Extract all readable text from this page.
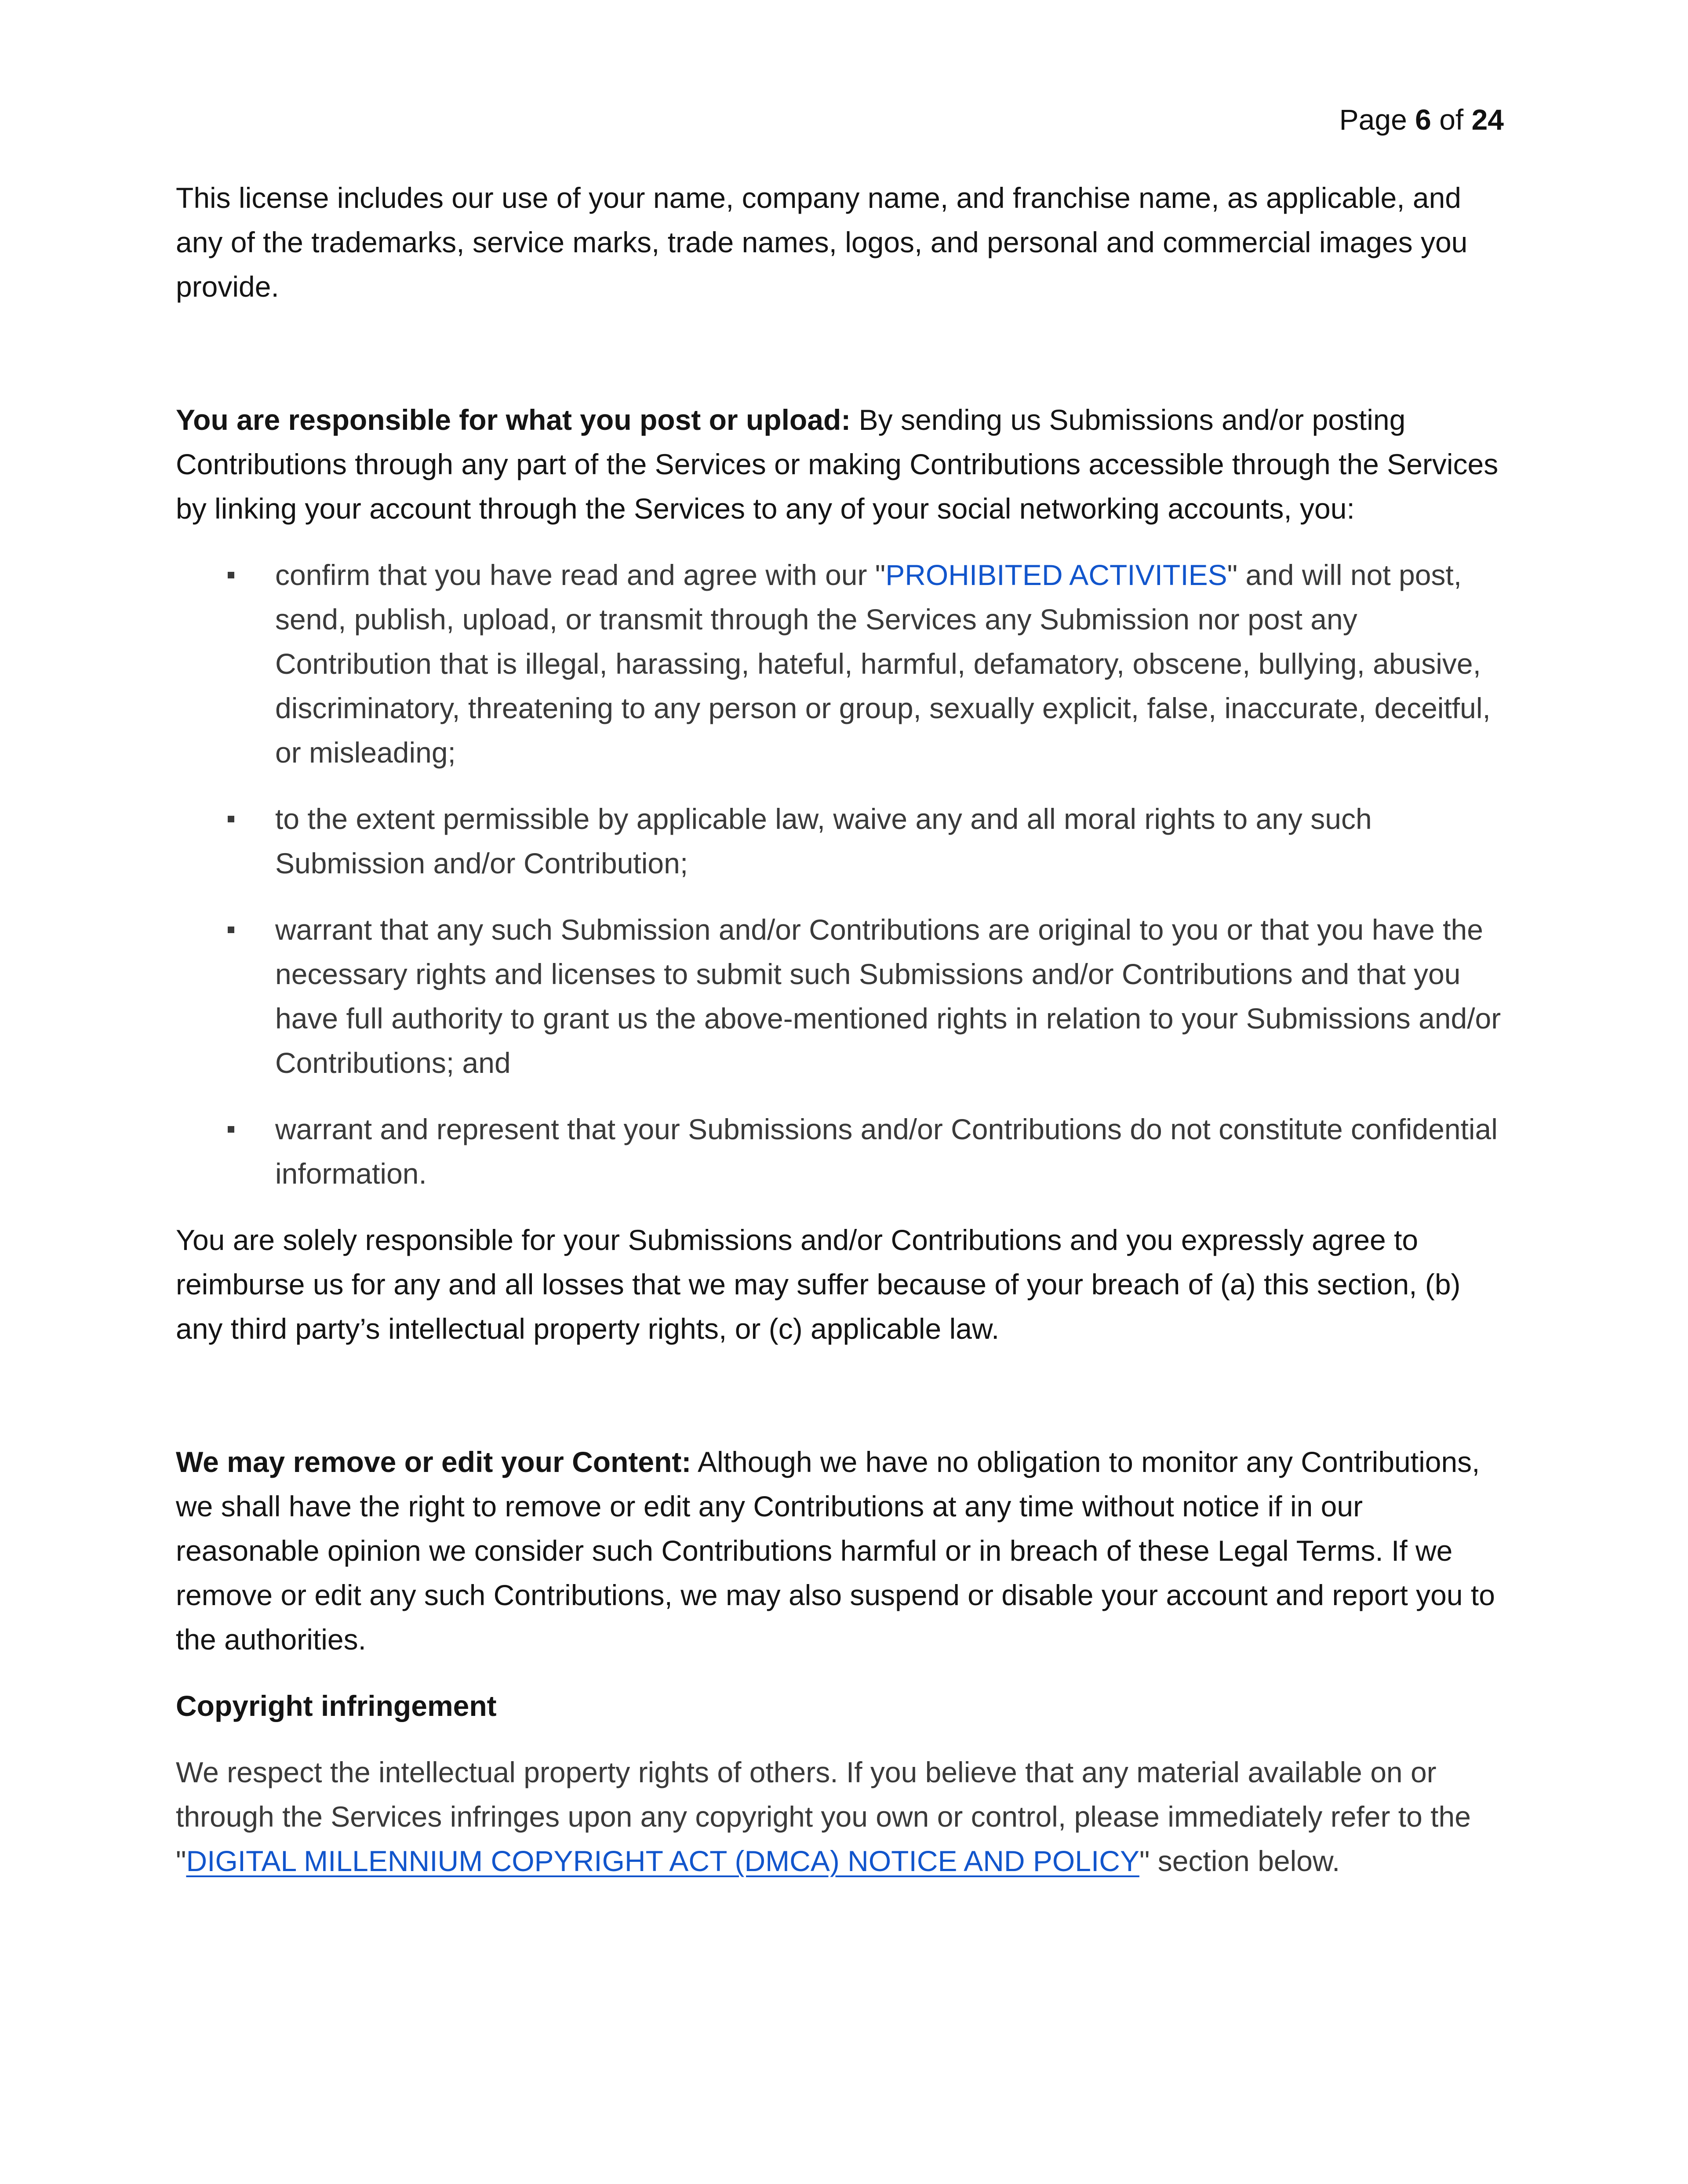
Page 6 of 24

This license includes our use of your name, company name, and franchise name, as applicable, and any of the trademarks, service marks, trade names, logos, and personal and commercial images you provide.

You are responsible for what you post or upload: By sending us Submissions and/or posting Contributions through any part of the Services or making Contributions accessible through the Services by linking your account through the Services to any of your social networking accounts, you:

confirm that you have read and agree with our "PROHIBITED ACTIVITIES" and will not post, send, publish, upload, or transmit through the Services any Submission nor post any Contribution that is illegal, harassing, hateful, harmful, defamatory, obscene, bullying, abusive, discriminatory, threatening to any person or group, sexually explicit, false, inaccurate, deceitful, or misleading;
to the extent permissible by applicable law, waive any and all moral rights to any such Submission and/or Contribution;
warrant that any such Submission and/or Contributions are original to you or that you have the necessary rights and licenses to submit such Submissions and/or Contributions and that you have full authority to grant us the above-mentioned rights in relation to your Submissions and/or Contributions; and
warrant and represent that your Submissions and/or Contributions do not constitute confidential information.

You are solely responsible for your Submissions and/or Contributions and you expressly agree to reimburse us for any and all losses that we may suffer because of your breach of (a) this section, (b) any third party’s intellectual property rights, or (c) applicable law.

We may remove or edit your Content: Although we have no obligation to monitor any Contributions, we shall have the right to remove or edit any Contributions at any time without notice if in our reasonable opinion we consider such Contributions harmful or in breach of these Legal Terms. If we remove or edit any such Contributions, we may also suspend or disable your account and report you to the authorities.

Copyright infringement

We respect the intellectual property rights of others. If you believe that any material available on or through the Services infringes upon any copyright you own or control, please immediately refer to the "DIGITAL MILLENNIUM COPYRIGHT ACT (DMCA) NOTICE AND POLICY" section below.
